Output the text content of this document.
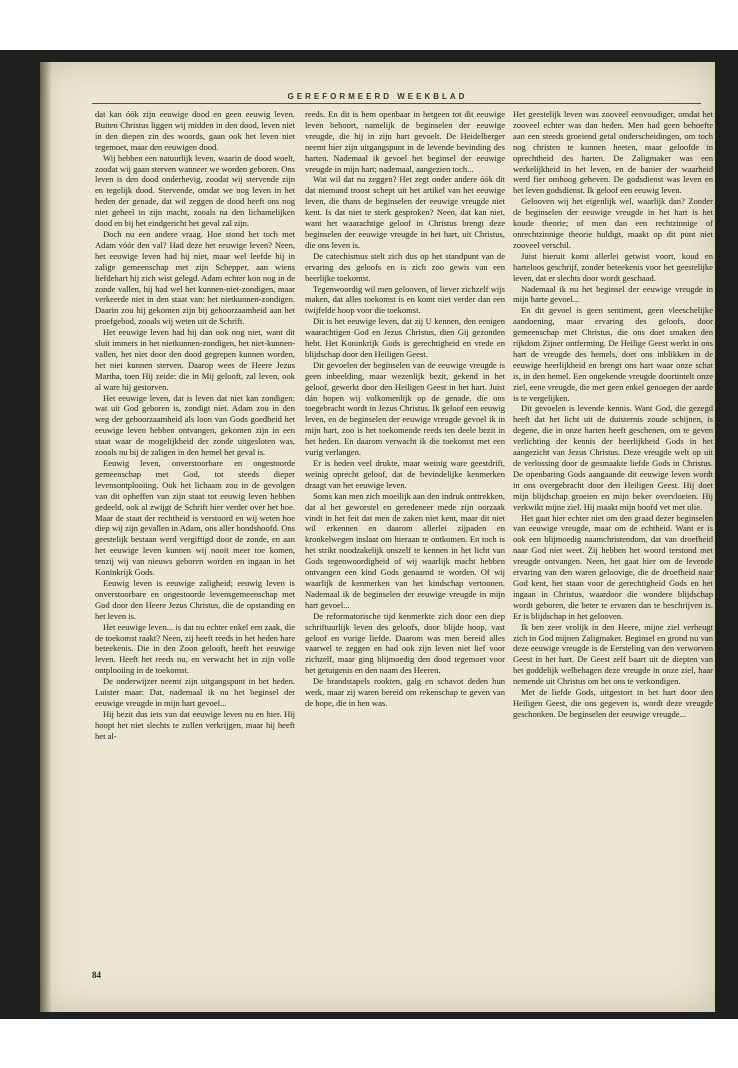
GEREFORMEERD WEEKBLAD

dat kan óók zijn eeuwige dood en geen eeuwig leven. Buiten Christus liggen wij midden in den dood, leven niet in den diepen zin des woords, gaan ook het leven niet tegemoet, maar den eeuwigen dood.

Wij hebben een natuurlijk leven, waarin de dood woelt, zoodat wij gaan sterven wanneer we worden geboren. Ons leven is den dood onderhevig, zoodat wij stervende zijn en tegelijk dood. Stervende, omdat we nog leven in het heden der genade, dat wil zeggen de dood heeft ons nog niet geheel in zijn macht, zooals na den lichamelijken dood en bij het eindgericht het geval zal zijn.

Doch nu een andere vraag. Hoe stond het toch met Adam vóór den val? Had deze het eeuwige leven? Neen, het eeuwige leven had hij niet, maar wel leefde hij in zalige gemeenschap met zijn Schepper, aan wiens liefdehart hij zich wist gelegd. Adam echter kon nog in de zonde vallen, hij had wel het kunnen-niet-zondigen, maar verkeerde niet in den staat van: het nietkunnen-zondigen. Daarin zou hij gekomen zijn bij gehoorzaamheid aan het proefgebod, zooals wij weten uit de Schrift.

Het eeuwige leven had hij dan ook nog niet, want dit sluit immers in het nietkunnen-zondigen, het niet-kunnen-vallen, het niet door den dood gegrepen kunnen worden, het niet kunnen sterven. Daarop wees de Heere Jezus Martha, toen Hij zeide: die in Mij gelooft, zal leven, ook al ware hij gestorven.

Het eeuwige leven, dat is leven dat niet kan zondigen: wat uit God geboren is, zondigt niet. Adam zou in den weg der gehoorzaamheid als loon van Gods goedheid het eeuwige leven hebben ontvangen, gekomen zijn in een staat waar de mogelijkheid der zonde uitgesloten was, zooals nu bij de zaligen in den hemel het geval is.

Eeuwig leven, onverstoorbare en ongestoorde gemeenschap met God, tot steeds dieper levensontplooiing. Ook het lichaam zou in de gevolgen van dit opheffen van zijn staat tot eeuwig leven hebben gedeeld, ook al zwijgt de Schrift hier verder over het hoe. Maar de staat der rechtheid is verstoord en wij weten hoe diep wij zijn gevallen in Adam, ons aller bondshoofd. Ons geestelijk bestaan werd vergiftigd door de zonde, en aan het eeuwige leven kunnen wij nooit meer toe komen, tenzij wij van nieuws geboren worden en ingaan in het Koninkrijk Gods.

Eeuwig leven is eeuwige zaligheid; eeuwig leven is onverstoorbare en ongestoorde levensgemeenschap met God door den Heere Jezus Christus, die de opstanding en het leven is.

Het eeuwige leven... is dat nu echter enkel een zaak, die de toekomst raakt? Neen, zij heeft reeds in het heden hare beteekenis. Die in den Zoon gelooft, heeft het eeuwige leven. Heeft het reeds nu, en verwacht het in zijn volle ontplooiing in de toekomst.

De onderwijzer neemt zijn uitgangspunt in het heden. Luister maar: Dat, nademaal ik nu het beginsel der eeuwige vreugde in mijn hart gevoel...

Hij bezit dus iets van dat eeuwige leven nu en hier. Hij hoopt het niet slechts te zullen verkrijgen, maar hij heeft het al-

reeds. En dit is hem openbaar in hetgeen tot dit eeuwige leven behoort, namelijk de beginselen der eeuwige vreugde, die hij in zijn hart gevoelt. De Heidelberger neemt hier zijn uitgangspunt in de levende bevinding des harten. Nademaal ik gevoel het beginsel der eeuwige vreugde in mijn hart; nademaal, aangezien toch...

Wat wil dat nu zeggen? Het zegt onder andere óók dit dat niemand troost schept uit het artikel van het eeuwige leven, die thans de beginselen der eeuwige vreugde niet kent. Is dat niet te sterk gesproken? Neen, dat kan niet, want het waarachtige geloof in Christus brengt deze beginselen der eeuwige vreugde in het hart, uit Christus, die ons leven is.

De catechismus stelt zich dus op het standpunt van de ervaring des geloofs en is zich zoo gewis van een heerlijke toekomst.

Tegenwoordig wil men gelooven, of liever zichzelf wijs maken, dat alles toekomst is en komt niet verder dan een twijfelde hoop voor die toekomst.

Dit is het eeuwige leven, dat zij U kennen, den eenigen waarachtigen God en Jezus Christus, dien Gij gezonden hebt. Het Koninkrijk Gods is gerechtigheid en vrede en blijdschap door den Heiligen Geest.

Dit gevoelen der beginselen van de eeuwige vreugde is geen inbeelding, maar wezenlijk bezit, gekend in het geloof, gewerkt door den Heiligen Geest in het hart. Juist dán hopen wij volkomenlijk op de genade, die ons toegebracht wordt in Jezus Christus. Ik geloof een eeuwig leven, en de beginselen der eeuwige vreugde gevoel ik in mijn hart, zoo is het toekomende reeds ten deele bezit in het heden. En daarom verwacht ik die toekomst met een vurig verlangen.

Er is heden veel drukte, maar weinig ware geestdrift, weinig oprecht geloof, dat de bevindelijke kenmerken draagt van het eeuwige leven.

Soms kan men zich moeilijk aan den indruk onttrekken, dat al het geworstel en geredeneer mede zijn oorzaak vindt in het feit dat men de zaken niet kent, maar dit niet wil erkennen en daarom allerlei zijpaden en kronkelwegen inslaat om hieraan te ontkomen. En toch is het strikt noodzakelijk onszelf te kennen in het licht van Gods tegenwoordigheid of wij waarlijk macht hebben ontvangen een kind Gods genaamd te worden. Of wij waarlijk de kenmerken van het kindschap vertoonen. Nademaal ik de beginselen der eeuwige vreugde in mijn hart gevoel...

De reformatorische tijd kenmerkte zich door een diep schriftuurlijk leven des geloofs, door blijde hoop, vast geloof en vurige liefde. Daarom was men bereid alles vaarwel te zeggen en had ook zijn leven niet lief voor zichzelf, maar ging blijmoedig den dood tegemoet voor het getuigenis en den naam des Heeren.

De brandstapels rookten, galg en schavot deden hun werk, maar zij waren bereid om rekenschap te geven van de hope, die in hen was.

Het geestelijk leven was zooveel eenvoudiger, omdat het zooveel echter was dan heden. Men had geen behoefte aan een steeds groeiend getal onderscheidingen, om toch nog christen te kunnen heeten, maar geloofde in oprechtheid des harten. De Zaligmaker was een werkelijkheid in het leven, en de banier der waarheid werd fier omhoog geheven. De godsdienst was leven en het leven godsdienst. Ik geloof een eeuwig leven.

Gelooven wij het eigenlijk wel, waarlijk dan? Zonder de beginselen der eeuwige vreugde in het hart is het koude theorie; of men dan een rechtzinnige of onrechtzinnige theorie huldigt, maakt op dit punt niet zooveel verschil.

Juist hieruit komt allerlei getwist voort, koud en harteloos geschrijf, zonder beteekenis voor het geestelijke leven, dat er slechts door wordt geschaad.

Nademaal ik nu het beginsel der eeuwige vreugde in mijn harte gevoel...

En dit gevoel is geen sentiment, geen vleeschelijke aandoening, maar ervaring des geloofs, door gemeenschap met Christus, die ons doet smaken den rijkdom Zijner ontferming. De Heilige Geest werkt in ons hart de vreugde des hemels, doet ons inblikken in de eeuwige heerlijkheid en brengt ons hart waar onze schat is, in den hemel. Een ongekende vreugde doortintelt onze ziel, eene vreugde, die met geen enkel genoegen der aarde is te vergelijken.

Dit gevoelen is levende kennis. Want God, die gezegd heeft dat het licht uit de duisternis zoude schijnen, is degene, die in onze harten heeft geschenen, om te geven verlichting der kennis der heerlijkheid Gods in het aangezicht van Jezus Christus. Deze vreugde welt op uit de verlossing door de gesmaakte liefde Gods in Christus. De openbaring Gods aangaande dit eeuwige leven wordt in ons overgebracht door den Heiligen Geest. Hij doet mijn blijdschap groeien en mijn beker overvloeien. Hij verkwikt mijne ziel. Hij maakt mijn hoofd vet met olie.

Het gaat hier echter niet om den graad dezer beginselen van eeuwige vreugde, maar om de echtheid. Want er is ook een blijmoedig naamchristendom, dat van droefheid naar God niet weet. Zij hebben het woord terstond met vreugde ontvangen. Neen, het gaat hier om de levende ervaring van den waren geloovige, die de droefheid naar God kent, het staan voor de gerechtigheid Gods en het ingaan in Christus, waardoor die wondere blijdschap wordt geboren, die beter te ervaren dan te beschrijven is. Er is blijdschap in het gelooven.

Ik ben zeer vrolijk in den Heere, mijne ziel verheugt zich in God mijnen Zaligmaker. Beginsel en grond nu van deze eeuwige vreugde is de Eersteling van den verworven Geest in het hart. De Geest zelf baart uit de diepten van het goddelijk welbehagen deze vreugde in onze ziel, haar nemende uit Christus om het ons te verkondigen.

Met de liefde Gods, uitgestort in het hart door den Heiligen Geest, die ons gegeven is, wordt deze vreugde geschonken. De beginselen der eeuwige vreugde...

84
